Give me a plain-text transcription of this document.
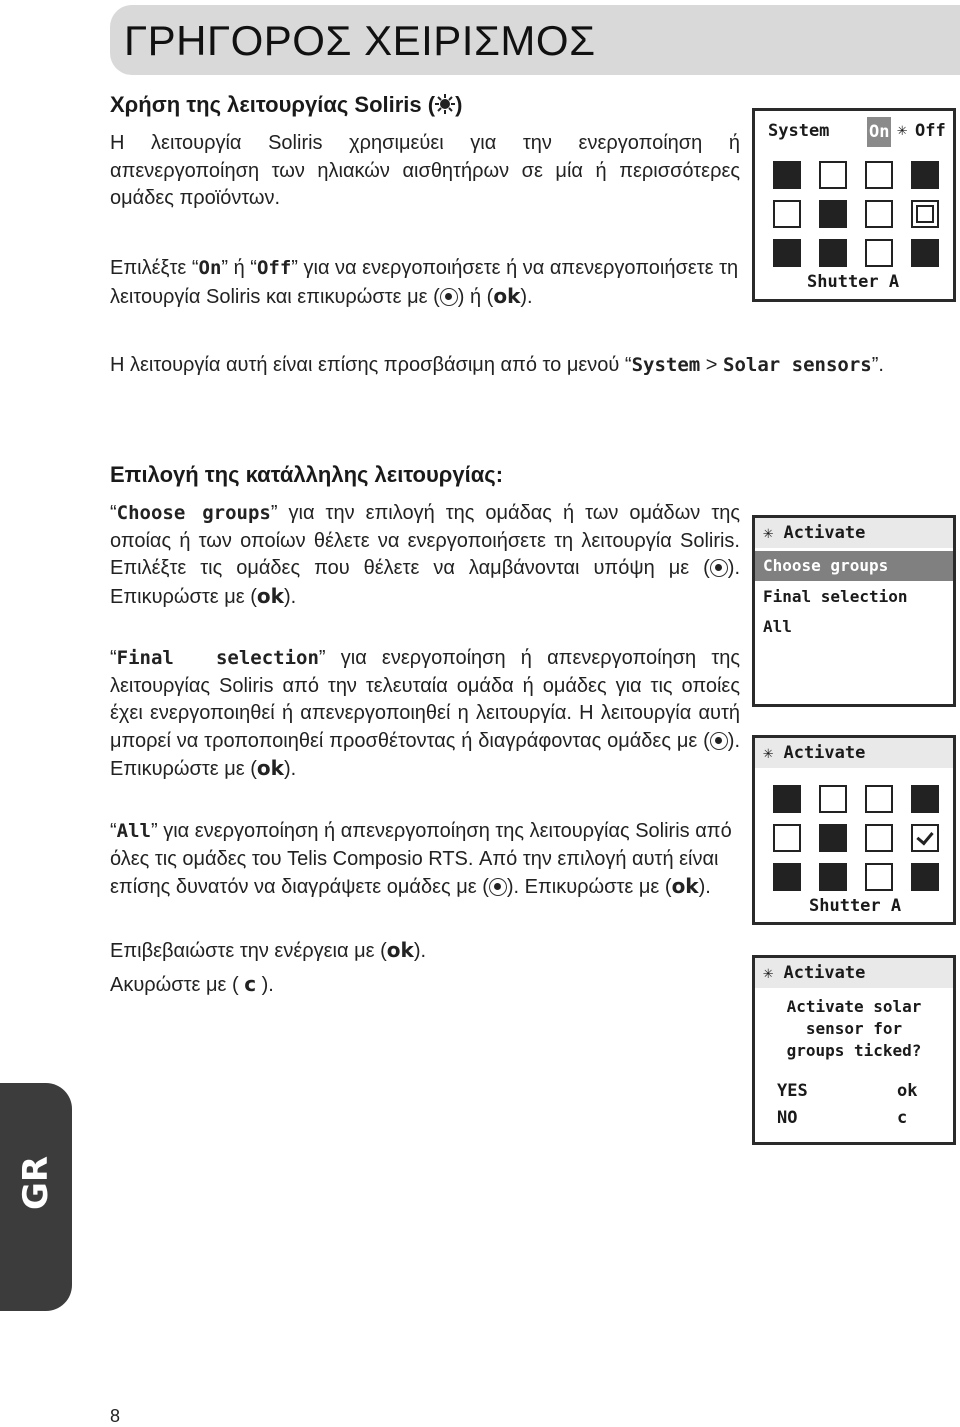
ΓΡΗΓΟΡΟΣ ΧΕΙΡΙΣΜΟΣ
Χρήση της λειτουργίας Soliris ( )

Η λειτουργία Soliris χρησιμεύει για την ενεργοποίηση ή απενεργοποίηση των ηλιακών αισθητήρων σε μία ή περισσότερες ομάδες προϊόντων.

Επιλέξτε “On” ή “Off” για να ενεργοποιήσετε ή να απενεργοποιήσετε τη λειτουργία Soliris και επικυρώστε με ( ) ή (ok).
Η λειτουργία αυτή είναι επίσης προσβάσιμη από το μενού “System > Solar sensors”.
Επιλογή της κατάλληλης λειτουργίας:
“Choose groups” για την επιλογή της ομάδας ή των ομάδων της οποίας ή των οποίων θέλετε να ενεργοποιήσετε τη λειτουργία Soliris. Επιλέξτε τις ομάδες που θέλετε να λαμβάνονται υπόψη με ( ). Επικυρώστε με (ok).
“Final  selection” για ενεργοποίηση ή απενεργοποίηση της λειτουργίας Soliris από την τελευταία ομάδα ή ομάδες για τις οποίες έχει ενεργοποιηθεί ή απενεργοποιηθεί η λειτουργία. Η λειτουργία αυτή μπορεί να τροποποιηθεί προσθέτοντας ή διαγράφοντας ομάδες με ( ). Επικυρώστε με (ok).
“All” για ενεργοποίηση ή απενεργοποίηση της λειτουργίας Soliris από όλες τις ομάδες του Telis Composio RTS. Από την επιλογή αυτή είναι επίσης δυνατόν να διαγράψετε ομάδες με ( ). Επικυρώστε με (ok).
Επιβεβαιώστε την ενέργεια με (ok).
Ακυρώστε με ( c ).
System On ✳ Off
Shutter A
✳ Activate
Choose groups
Final selection
All
✳ Activate
Shutter A
✳ Activate
Activate solar
sensor for
groups ticked?
YES	ok
NO	c
GR
8
